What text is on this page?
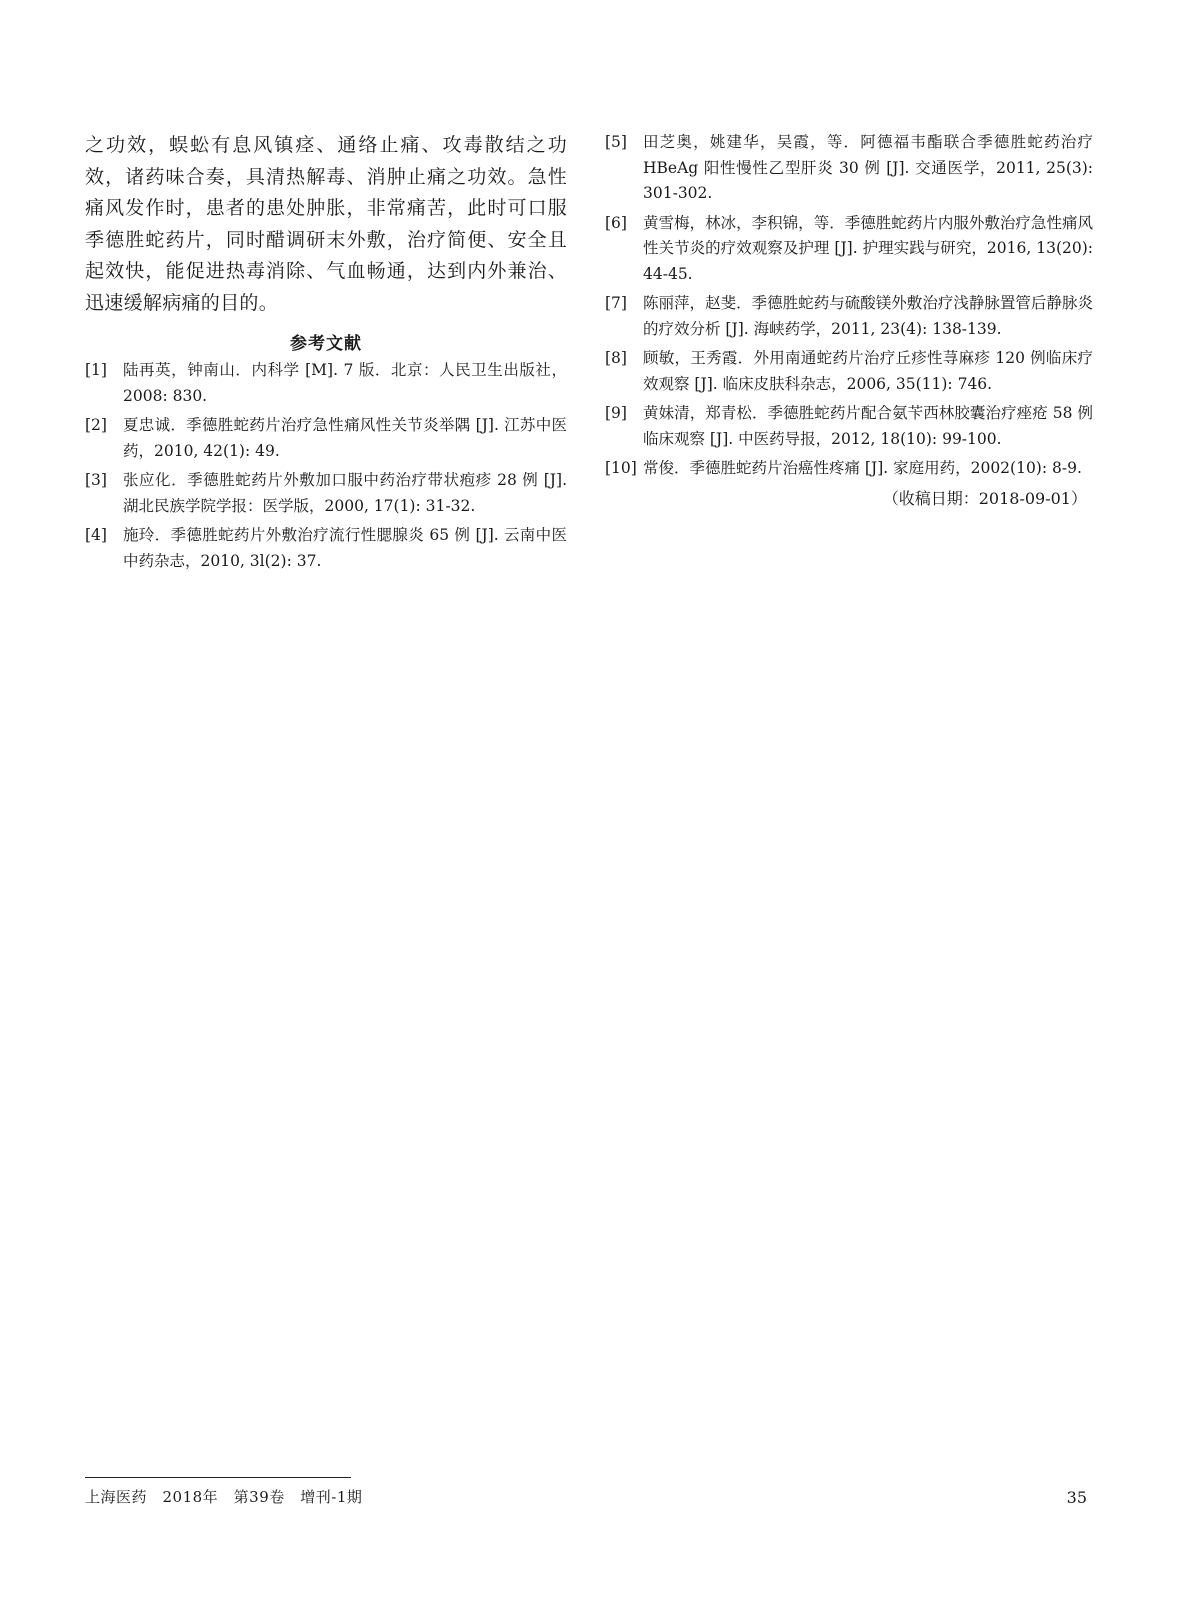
之功效，蜈蚣有息风镇痉、通络止痛、攻毒散结之功效，诸药味合奏，具清热解毒、消肿止痛之功效。急性痛风发作时，患者的患处肿胀，非常痛苦，此时可口服季德胜蛇药片，同时醋调研末外敷，治疗简便、安全且起效快，能促进热毒消除、气血畅通，达到内外兼治、迅速缓解病痛的目的。

参考文献
[1]	陆再英，钟南山．内科学 [M]. 7 版．北京：人民卫生出版社，2008: 830.
[2]	夏忠诚．季德胜蛇药片治疗急性痛风性关节炎举隅 [J]. 江苏中医药，2010, 42(1): 49.
[3]	张应化．季德胜蛇药片外敷加口服中药治疗带状疱疹 28 例 [J]. 湖北民族学院学报：医学版，2000, 17(1): 31-32.
[4]	施玲．季德胜蛇药片外敷治疗流行性腮腺炎 65 例 [J]. 云南中医中药杂志，2010, 3l(2): 37.
[5]	田芝奥，姚建华，吴霞，等．阿德福韦酯联合季德胜蛇药治疗 HBeAg 阳性慢性乙型肝炎 30 例 [J]. 交通医学，2011, 25(3): 301-302.
[6]	黄雪梅，林冰，李积锦，等．季德胜蛇药片内服外敷治疗急性痛风性关节炎的疗效观察及护理 [J]. 护理实践与研究，2016, 13(20): 44-45.
[7]	陈丽萍，赵斐．季德胜蛇药与硫酸镁外敷治疗浅静脉置管后静脉炎的疗效分析 [J]. 海峡药学，2011, 23(4): 138-139.
[8]	顾敏，王秀霞．外用南通蛇药片治疗丘疹性荨麻疹 120 例临床疗效观察 [J]. 临床皮肤科杂志，2006, 35(11): 746.
[9]	黄妹清，郑青松．季德胜蛇药片配合氨苄西林胶囊治疗痤疮 58 例临床观察 [J]. 中医药导报，2012, 18(10): 99-100.
[10] 常俊．季德胜蛇药片治癌性疼痛 [J]. 家庭用药，2002(10): 8-9.
（收稿日期：2018-09-01）
上海医药　2018年　第39卷　增刊-1期	35
